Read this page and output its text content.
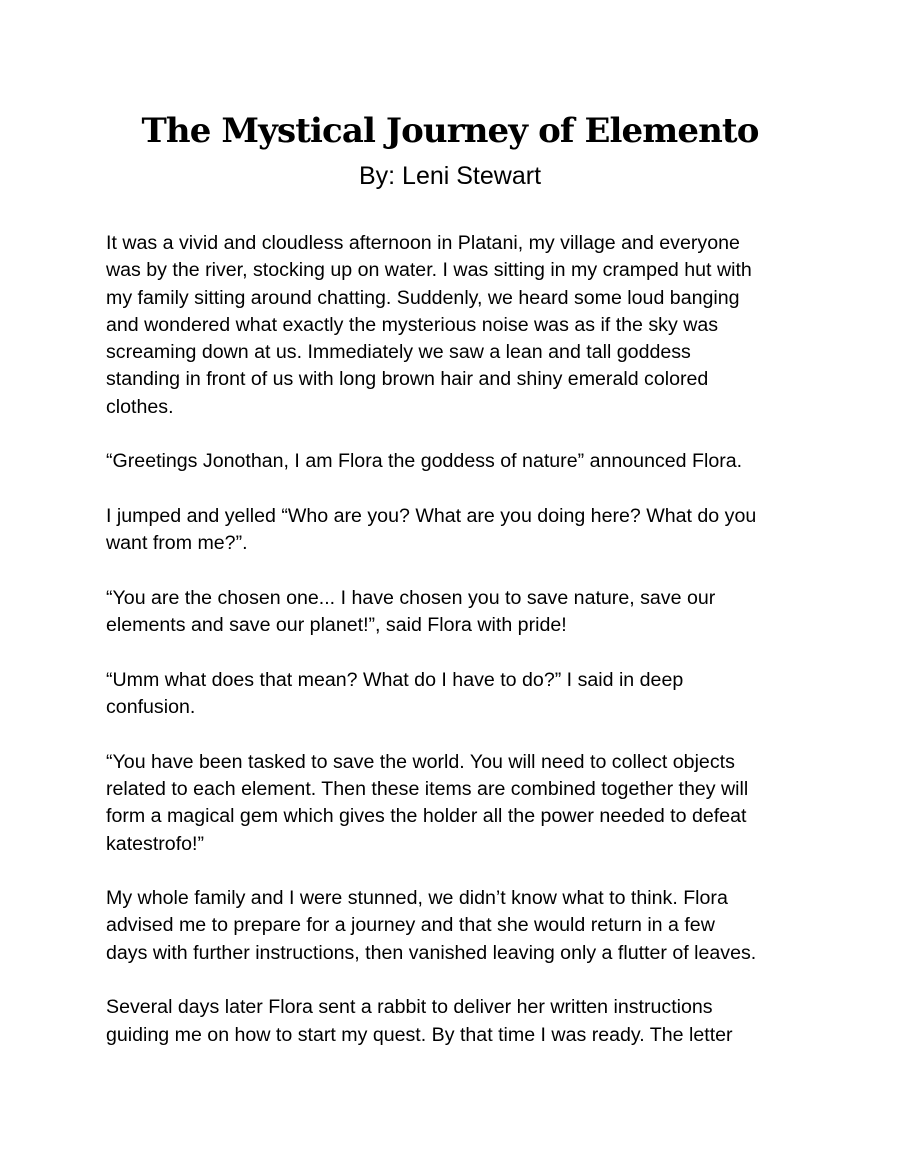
The Mystical Journey of Elemento

By: Leni Stewart

It was a vivid and cloudless afternoon in Platani, my village and everyone
was by the river, stocking up on water. I was sitting in my cramped hut with
my family sitting around chatting. Suddenly, we heard some loud banging
and wondered what exactly the mysterious noise was as if the sky was
screaming down at us. Immediately we saw a lean and tall goddess
standing in front of us with long brown hair and shiny emerald colored
clothes.

“Greetings Jonothan, I am Flora the goddess of nature” announced Flora.

I jumped and yelled “Who are you? What are you doing here? What do you
want from me?”.

“You are the chosen one... I have chosen you to save nature, save our
elements and save our planet!”, said Flora with pride!

“Umm what does that mean? What do I have to do?” I said in deep
confusion.

“You have been tasked to save the world. You will need to collect objects
related to each element. Then these items are combined together they will
form a magical gem which gives the holder all the power needed to defeat
katestrofo!”

My whole family and I were stunned, we didn’t know what to think. Flora
advised me to prepare for a journey and that she would return in a few
days with further instructions, then vanished leaving only a flutter of leaves.

Several days later Flora sent a rabbit to deliver her written instructions
guiding me on how to start my quest. By that time I was ready. The letter
